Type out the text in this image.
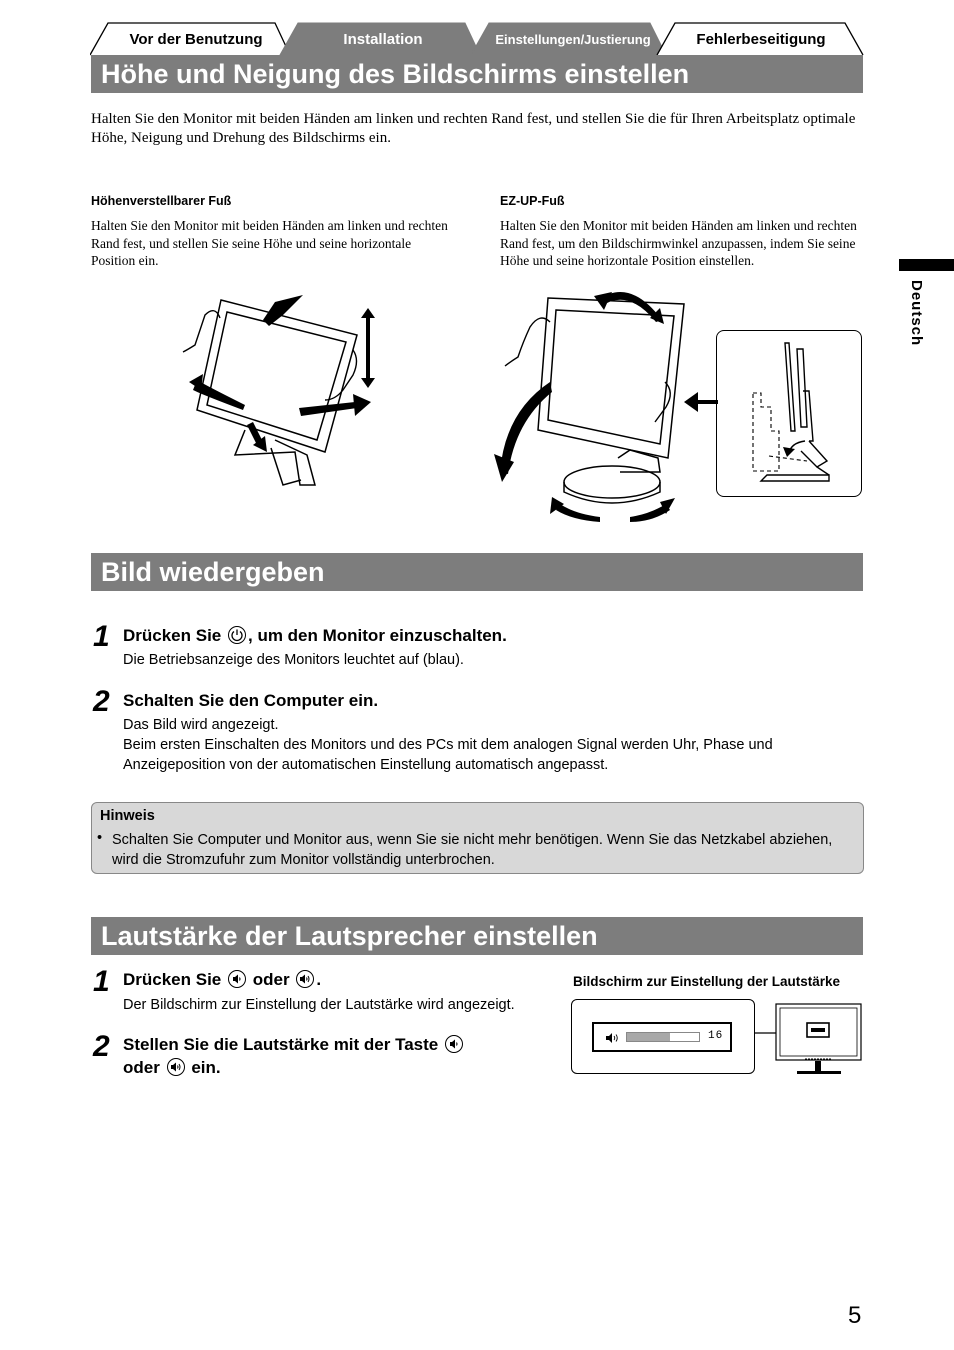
Vor der Benutzung	Installation	Einstellungen/Justierung	Fehlerbeseitigung
Höhe und Neigung des Bildschirms einstellen
Halten Sie den Monitor mit beiden Händen am linken und rechten Rand fest, und stellen Sie die für Ihren Arbeitsplatz optimale Höhe, Neigung und Drehung des Bildschirms ein.
Höhenverstellbarer Fuß
Halten Sie den Monitor mit beiden Händen am linken und rechten Rand fest, und stellen Sie seine Höhe und seine horizontale Position ein.
EZ-UP-Fuß
Halten Sie den Monitor mit beiden Händen am linken und rechten Rand fest, um den Bildschirmwinkel anzupassen, indem Sie seine Höhe und seine horizontale Position einstellen.
Deutsch
Bild wiedergeben
1 Drücken Sie , um den Monitor einzuschalten.
Die Betriebsanzeige des Monitors leuchtet auf (blau).
2 Schalten Sie den Computer ein.
Das Bild wird angezeigt.
Beim ersten Einschalten des Monitors und des PCs mit dem analogen Signal werden Uhr, Phase und Anzeigeposition von der automatischen Einstellung automatisch angepasst.
Hinweis
• Schalten Sie Computer und Monitor aus, wenn Sie sie nicht mehr benötigen. Wenn Sie das Netzkabel abziehen, wird die Stromzufuhr zum Monitor vollständig unterbrochen.
Lautstärke der Lautsprecher einstellen
1 Drücken Sie oder .
Der Bildschirm zur Einstellung der Lautstärke wird angezeigt.
2 Stellen Sie die Lautstärke mit der Taste
oder ein.
Bildschirm zur Einstellung der Lautstärke
16
5
